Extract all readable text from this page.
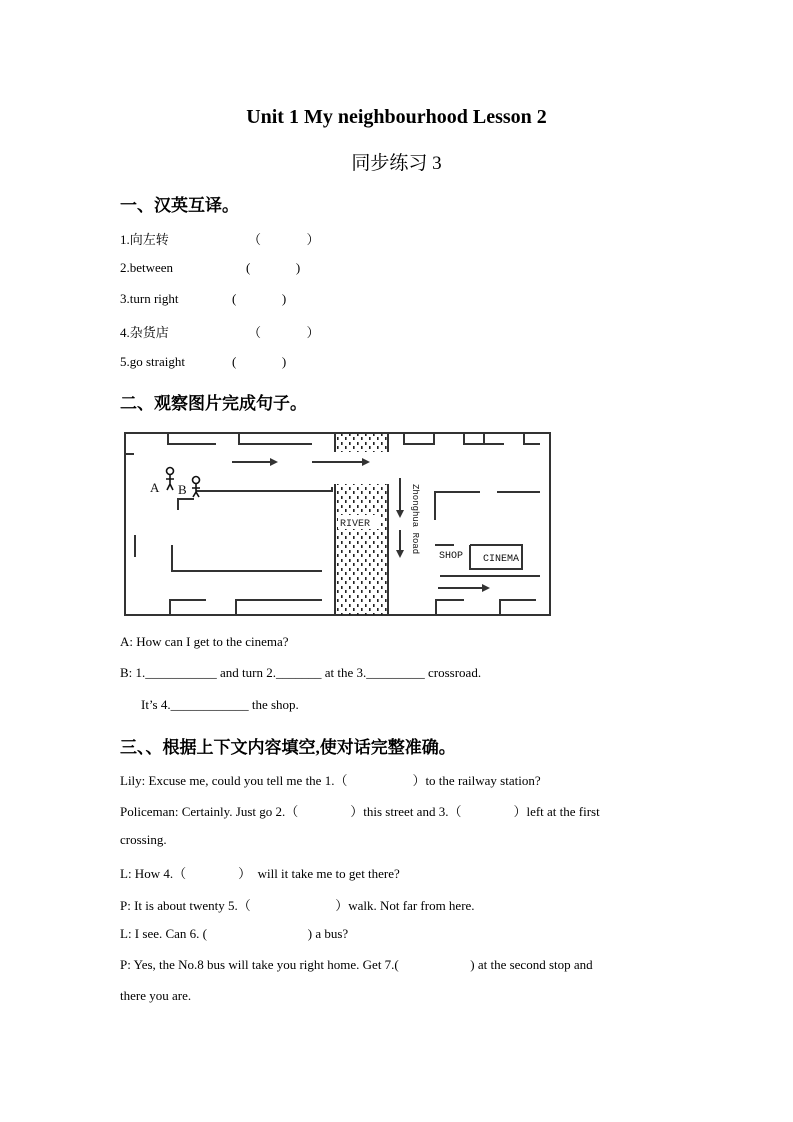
Unit 1 My neighbourhood Lesson 2
同步练习 3
一、汉英互译。
1.向左转	（              ）
2.between	(              )
3.turn right	(              )
4.杂货店	（              ）
5.go straight	(              )
二、观察图片完成句子。
A B
RIVER	Zhonghua Road
SHOP CINEMA
A: How can I get to the cinema?
B: 1.___________ and turn 2._______ at the 3._________ crossroad.
It’s 4.____________ the shop.
三、、根据上下文内容填空,使对话完整准确。
Lily: Excuse me, could you tell me the 1.（                    ）to the railway station?
Policeman: Certainly. Just go 2.（                ）this street and 3.（                ）left at the first
crossing.
L: How 4.（                ）  will it take me to get there?
P: It is about twenty 5.（                          ）walk. Not far from here.
L: I see. Can 6. (                               ) a bus?
P: Yes, the No.8 bus will take you right home. Get 7.(                      ) at the second stop and
there you are.
